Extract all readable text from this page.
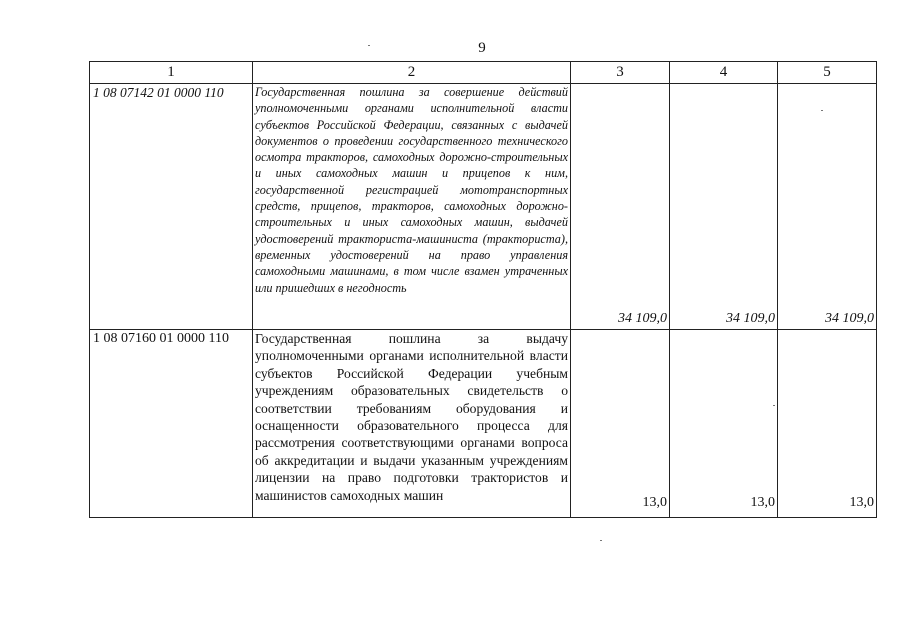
9
1	2	3	4	5
1 08 07142 01 0000 110	Государственная пошлина за совершение действий уполномоченными органами исполнительной власти субъектов Российской Федерации, связанных с выдачей документов о проведении государственного технического осмотра тракторов, самоходных дорожно-строительных и иных самоходных машин и прицепов к ним, государственной регистрацией мототранспортных средств, прицепов, тракторов, самоходных дорожно-строительных и иных самоходных машин, выдачей удостоверений тракториста-машиниста (тракториста), временных удостоверений на право управления самоходными машинами, в том числе взамен утраченных или пришедших в негодность	34 109,0	34 109,0	34 109,0
1 08 07160 01 0000 110	Государственная пошлина за выдачу уполномоченными органами исполнительной власти субъектов Российской Федерации учебным учреждениям образовательных свидетельств о соответствии требованиям оборудования и оснащенности образовательного процесса для рассмотрения соответствующими органами вопроса об аккредитации и выдачи указанным учреждениям лицензии на право подготовки трактористов и машинистов самоходных машин	13,0	13,0	13,0
